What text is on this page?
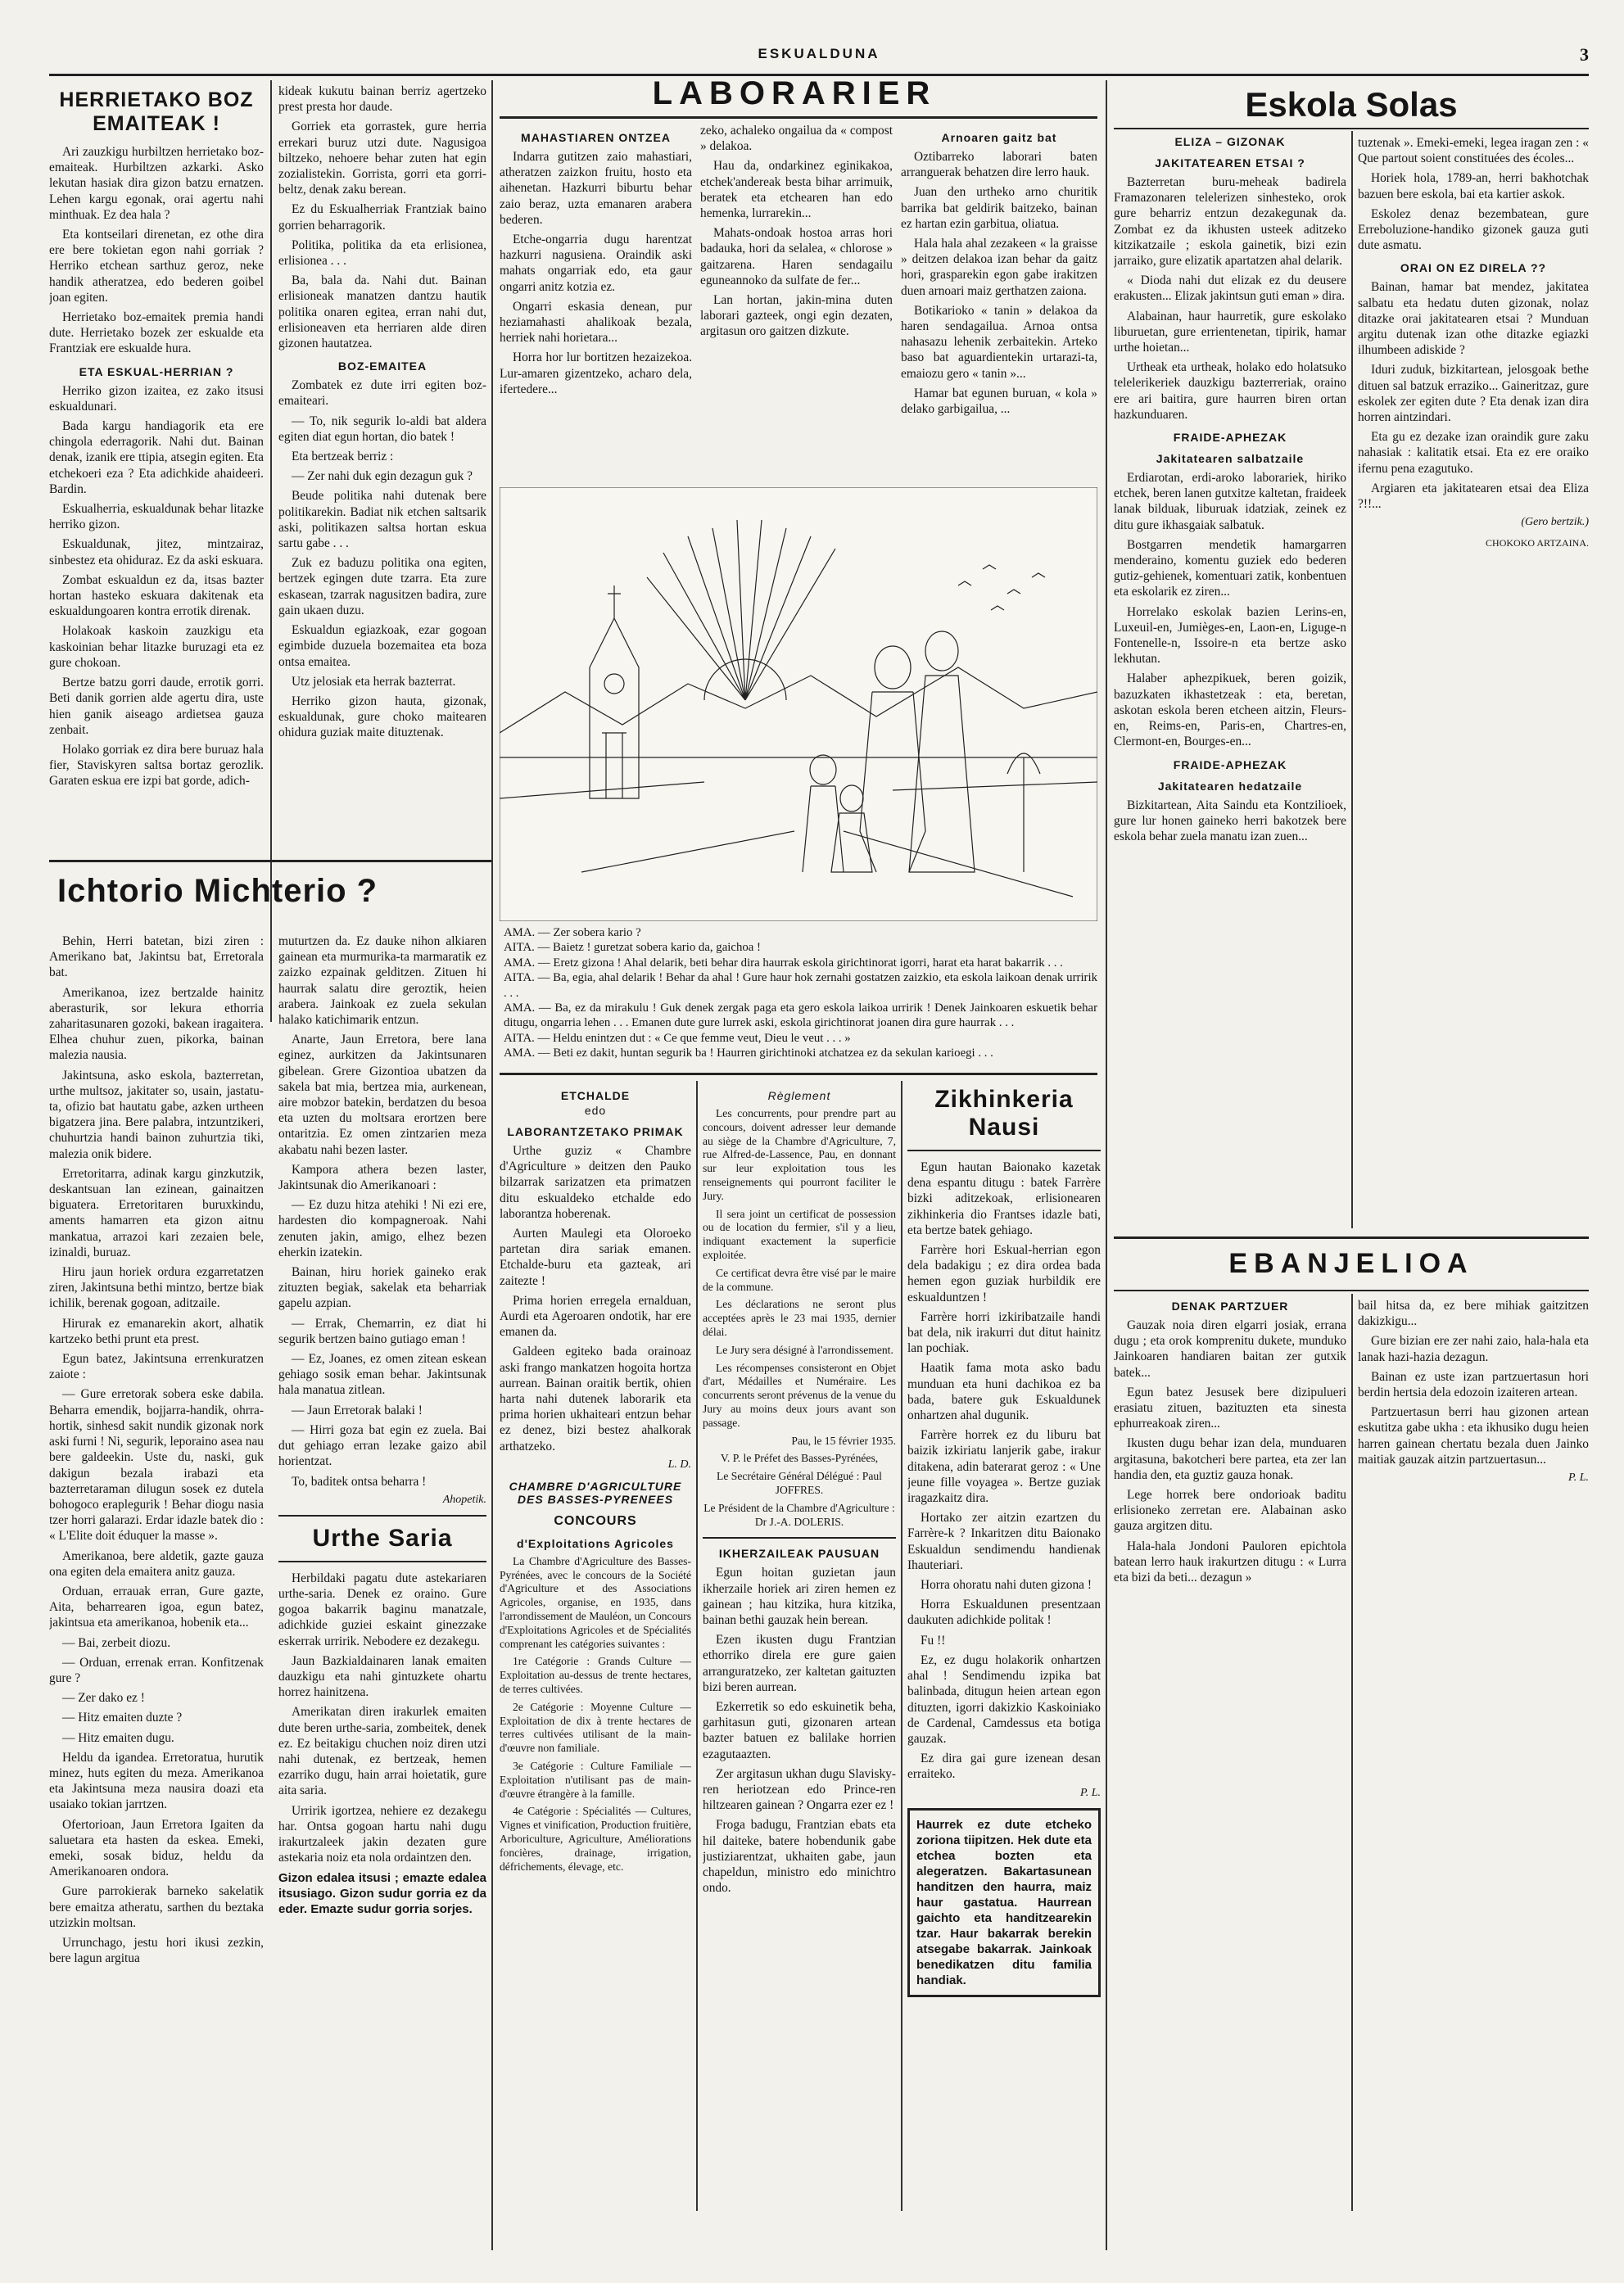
ESKUALDUNA	3
HERRIETAKO BOZ EMAITEAK !

Ari zauzkigu hurbiltzen herrietako boz-emaiteak. Hurbiltzen azkarki. Asko lekutan hasiak dira gizon batzu ernatzen. Lehen kargu egonak, orai agertu nahi minthuak. Ez dea hala ?

Eta kontseilari direnetan, ez othe dira ere bere tokietan egon nahi gorriak ? Herriko etchean sarthuz geroz, neke handik atheratzea, edo bederen goibel joan egiten.

Herrietako boz-emaitek premia handi dute. Herrietako bozek zer eskualde eta Frantziak ere eskualde hura.

ETA ESKUAL-HERRIAN ?

Herriko gizon izaitea, ez zako itsusi eskualdunari.

Bada kargu handiagorik eta ere chingola ederragorik. Nahi dut. Bainan denak, izanik ere ttipia, atsegin egiten. Eta etchekoeri eza ? Eta adichkide ahaideeri. Bardin.

Eskualherria, eskualdunak behar litazke herriko gizon.

Eskualdunak, jitez, mintzairaz, sinbestez eta ohiduraz. Ez da aski eskuara.

Zombat eskualdun ez da, itsas bazter hortan hasteko eskuara dakitenak eta eskualdungoaren kontra errotik direnak.

Holakoak kaskoin zauzkigu eta kaskoinian behar litazke buruzagi eta ez gure chokoan.

Bertze batzu gorri daude, errotik gorri. Beti danik gorrien alde agertu dira, uste hien ganik aiseago ardietsea gauza zenbait.

Holako gorriak ez dira bere buruaz hala fier, Staviskyren saltsa bortaz gerozlik. Garaten eskua ere izpi bat gorde, adich-

kideak kukutu bainan berriz agertzeko prest presta hor daude.

Gorriek eta gorrastek, gure herria errekari buruz utzi dute. Nagusigoa biltzeko, nehoere behar zuten hat egin zozialistekin. Gorrista, gorri eta gorri-beltz, denak zaku berean.

Ez du Eskualherriak Frantziak baino gorrien beharragorik.

Politika, politika da eta erlisionea, erlisionea . . .

Ba, bala da. Nahi dut. Bainan erlisioneak manatzen dantzu hautik politika onaren egitea, erran nahi dut, erlisioneaven eta herriaren alde diren gizonen hautatzea.

BOZ-EMAITEA

Zombatek ez dute irri egiten boz-emaiteari.

— To, nik segurik lo-aldi bat aldera egiten diat egun hortan, dio batek !

Eta bertzeak berriz :

— Zer nahi duk egin dezagun guk ?

Beude politika nahi dutenak bere politikarekin. Badiat nik etchen saltsarik aski, politikazen saltsa hortan eskua sartu gabe . . .

Zuk ez baduzu politika ona egiten, bertzek egingen dute tzarra. Eta zure eskasean, tzarrak nagusitzen badira, zure gain ukaen duzu.

Eskualdun egiazkoak, ezar gogoan egimbide duzuela bozemaitea eta boza ontsa emaitea.

Utz jelosiak eta herrak bazterrat.

Herriko gizon hauta, gizonak, eskualdunak, gure choko maitearen ohidura guziak maite dituztenak.

Ichtorio Michterio ?

Behin, Herri batetan, bizi ziren : Amerikano bat, Jakintsu bat, Erretorala bat.

Amerikanoa, izez bertzalde hainitz aberasturik, sor lekura ethorria zaharitasunaren gozoki, bakean iragaitera. Elhea chuhur zuen, pikorka, bainan malezia nausia.

Jakintsuna, asko eskola, bazterretan, urthe multsoz, jakitater so, usain, jastatu-ta, ofizio bat hautatu gabe, azken urtheen bigatzera jina. Bere palabra, intzuntzikeri, chuhurtzia handi bainon zuhurtzia tiki, malezia onik bidere.

Erretoritarra, adinak kargu ginzkutzik, deskantsuan lan ezinean, gainaitzen biguatera. Erretoritaren buruxkindu, aments hamarren eta gizon aitnu mankatua, arrazoi kari zezaien bele, izinaldi, buruaz.

Hiru jaun horiek ordura ezgarretatzen ziren, Jakintsuna bethi mintzo, bertze biak ichilik, berenak gogoan, aditzaile.

Hirurak ez emanarekin akort, alhatik kartzeko bethi prunt eta prest.

Egun batez, Jakintsuna errenkuratzen zaiote :

— Gure erretorak sobera eske dabila. Beharra emendik, bojjarra-handik, ohrra-hortik, sinhesd sakit nundik gizonak nork aski furni ! Ni, segurik, leporaino asea nau bere galdeekin. Uste du, naski, guk dakigun bezala irabazi eta bazterretaraman dilugun sosek ez dutela bohogoco eraplegurik ! Behar diogu nasia tzer horri galarazi. Erdar idazle batek dio : « L'Elite doit éduquer la masse ».

Amerikanoa, bere aldetik, gazte gauza ona egiten dela emaitera anitz gauza.

Orduan, errauak erran, Gure gazte, Aita, beharrearen igoa, egun batez, jakintsua eta amerikanoa, hobenik eta...

— Bai, zerbeit diozu.

— Orduan, errenak erran. Konfitzenak gure ?

— Zer dako ez !

— Hitz emaiten duzte ?

— Hitz emaiten dugu.

Heldu da igandea. Erretoratua, hurutik minez, huts egiten du meza. Amerikanoa eta Jakintsuna meza nausira doazi eta usaiako tokian jarrtzen.

Ofertorioan, Jaun Erretora Igaiten da saluetara eta hasten da eskea. Emeki, emeki, sosak biduz, heldu da Amerikanoaren ondora.

Gure parrokierak barneko sakelatik bere emaitza atheratu, sarthen du beztaka utzizkin moltsan.

Urrunchago, jestu hori ikusi zezkin, bere lagun argitua

muturtzen da. Ez dauke nihon alkiaren gainean eta murmurika-ta marmaratik ez zaizko ezpainak gelditzen. Zituen hi haurrak salatu dire geroztik, heien arabera. Jainkoak ez zuela sekulan halako katichimarik entzun.

Anarte, Jaun Erretora, bere lana eginez, aurkitzen da Jakintsunaren gibelean. Grere Gizontioa ubatzen da sakela bat mia, bertzea mia, aurkenean, aire mobzor batekin, berdatzen du besoa eta uzten du moltsara erortzen bere ontaritzia. Ez omen zintzarien meza akabatu nahi bezen laster.

Kampora athera bezen laster, Jakintsunak dio Amerikanoari :

— Ez duzu hitza atehiki ! Ni ezi ere, hardesten dio kompagneroak. Nahi zenuten jakin, amigo, elhez bezen eherkin izatekin.

Bainan, hiru horiek gaineko erak zituzten begiak, sakelak eta beharriak gapelu azpian.

— Errak, Chemarrin, ez diat hi segurik bertzen baino gutiago eman !

— Ez, Joanes, ez omen zitean eskean gehiago sosik eman behar. Jakintsunak hala manatua zitlean.

— Jaun Erretorak balaki !

— Hirri goza bat egin ez zuela. Bai dut gehiago erran lezake gaizo abil horientzat.

To, baditek ontsa beharra !

Ahopetik.
Urthe Saria

Herbildaki pagatu dute astekariaren urthe-saria. Denek ez oraino. Gure gogoa bakarrik baginu manatzale, adichkide guziei eskaint ginezzake eskerrak urririk. Nebodere ez dezakegu.

Jaun Bazkialdainaren lanak emaiten dauzkigu eta nahi gintuzkete ohartu horrez hainitzena.

Amerikatan diren irakurlek emaiten dute beren urthe-saria, zombeitek, denek ez. Ez beitakigu chuchen noiz diren utzi nahi dutenak, ez bertzeak, hemen ezarriko dugu, hain arrai hoietatik, gure aita saria.

Urririk igortzea, nehiere ez dezakegu har. Ontsa gogoan hartu nahi dugu irakurtzaleek jakin dezaten gure astekaria noiz eta nola ordaintzen den.

Gizon edalea itsusi ; emazte edalea itsusiago. Gizon sudur gorria ez da eder. Emazte sudur gorria sorjes.
LABORARIER
MAHASTIAREN ONTZEA

Indarra gutitzen zaio mahastiari, atheratzen zaizkon fruitu, hosto eta aihenetan. Hazkurri biburtu behar zaio beraz, uzta emanaren arabera bederen.

Etche-ongarria dugu harentzat hazkurri nagusiena. Oraindik aski mahats ongarriak edo, eta gaur ongarri anitz kotzia ez.

Ongarri eskasia denean, pur heziamahasti ahalikoak bezala, herriek nahi horietara...

Horra hor lur bortitzen hezaizekoa. Lur-amaren gizentzeko, acharo dela, ifertedere...

zeko, achaleko ongailua da « compost » delakoa.

Hau da, ondarkinez eginikakoa, etchek'andereak besta bihar arrimuik, beratek eta etchearen han edo hemenka, lurrarekin...

Mahats-ondoak hostoa arras hori badauka, hori da selalea, « chlorose » gaitzarena. Haren sendagailu eguneannoko da sulfate de fer...

Lan hortan, jakin-mina duten laborari gazteek, ongi egin dezaten, argitasun oro gaitzen dizkute.

Arnoaren gaitz bat

Oztibarreko laborari baten arranguerak behatzen dire lerro hauk.

Juan den urtheko arno churitik barrika bat geldirik baitzeko, bainan ez hartan ezin garbitua, oliatua.

Hala hala ahal zezakeen « la graisse » deitzen delakoa izan behar da gaitz hori, grasparekin egon gabe irakitzen duen arnoari maiz gerthatzen zaiona.

Botikarioko « tanin » delakoa da haren sendagailua. Arnoa ontsa nahasazu lehenik zerbaitekin. Arteko baso bat aguardientekin urtarazi-ta, emaiozu gero « tanin »...

Hamar bat egunen buruan, « kola » delako garbigailua, ...

AMA. — Zer sobera kario ?

AITA. — Baietz ! guretzat sobera kario da, gaichoa !

AMA. — Eretz gizona ! Ahal delarik, beti behar dira haurrak eskola girichtinorat igorri, harat eta harat bakarrik . . .

AITA. — Ba, egia, ahal delarik ! Behar da ahal ! Gure haur hok zernahi gostatzen zaizkio, eta eskola laikoan denak urririk . . .

AMA. — Ba, ez da mirakulu ! Guk denek zergak paga eta gero eskola laikoa urririk ! Denek Jainkoaren eskuetik behar ditugu, ongarria lehen . . . Emanen dute gure lurrek aski, eskola girichtinorat joanen dira gure haurrak . . .

AITA. — Heldu enintzen dut : « Ce que femme veut, Dieu le veut . . . »

AMA. — Beti ez dakit, huntan segurik ba ! Haurren girichtinoki atchatzea ez da sekulan karioegi . . .

ETCHALDE
edo
LABORANTZETAKO PRIMAK

Urthe guziz « Chambre d'Agriculture » deitzen den Pauko bilzarrak sarizatzen eta primatzen ditu eskualdeko etchalde edo laborantza hoberenak.

Aurten Maulegi eta Oloroeko partetan dira sariak emanen. Etchalde-buru eta gazteak, ari zaitezte !

Prima horien erregela ernalduan, Aurdi eta Ageroaren ondotik, har ere emanen da.

Galdeen egiteko bada orainoaz aski frango mankatzen hogoita hortza aurrean. Bainan oraitik bertik, ohien harta nahi dutenek laborarik eta prima horien ukhaiteari entzun behar ez denez, bizi bestez ahalkorak arthatzeko.

L. D.
CHAMBRE D'AGRICULTURE DES BASSES-PYRENEES
CONCOURS
d'Exploitations Agricoles

La Chambre d'Agriculture des Basses-Pyrénées, avec le concours de la Société d'Agriculture et des Associations Agricoles, organise, en 1935, dans l'arrondissement de Mauléon, un Concours d'Exploitations Agricoles et de Spécialités comprenant les catégories suivantes :

1re Catégorie : Grands Culture — Exploitation au-dessus de trente hectares, de terres cultivées.

2e Catégorie : Moyenne Culture — Exploitation de dix à trente hectares de terres cultivées utilisant de la main-d'œuvre non familiale.

3e Catégorie : Culture Familiale — Exploitation n'utilisant pas de main-d'œuvre étrangère à la famille.

4e Catégorie : Spécialités — Cultures, Vignes et vinification, Production fruitière, Arboriculture, Agriculture, Améliorations foncières, drainage, irrigation, défrichements, élevage, etc.

Règlement

Les concurrents, pour prendre part au concours, doivent adresser leur demande au siège de la Chambre d'Agriculture, 7, rue Alfred-de-Lassence, Pau, en donnant sur leur exploitation tous les renseignements qui pourront faciliter le Jury.

Il sera joint un certificat de possession ou de location du fermier, s'il y a lieu, indiquant exactement la superficie exploitée.

Ce certificat devra être visé par le maire de la commune.

Les déclarations ne seront plus acceptées après le 23 mai 1935, dernier délai.

Le Jury sera désigné à l'arrondissement.

Les récompenses consisteront en Objet d'art, Médailles et Numéraire. Les concurrents seront prévenus de la venue du Jury au moins deux jours avant son passage.

Pau, le 15 février 1935.

V. P. le Préfet des Basses-Pyrénées,

Le Secrétaire Général Délégué : Paul JOFFRES.

Le Président de la Chambre d'Agriculture : Dr J.-A. DOLERIS.

IKHERZAILEAK PAUSUAN

Egun hoitan guzietan jaun ikherzaile horiek ari ziren hemen ez gainean ; hau kitzika, hura kitzika, bainan bethi gauzak hein berean.

Ezen ikusten dugu Frantzian ethorriko direla ere gure gaien arranguratzeko, zer kaltetan gaituzten bizi beren aurrean.

Ezkerretik so edo eskuinetik beha, garhitasun guti, gizonaren artean bazter batuen ez balilake horrien ezagutaazten.

Zer argitasun ukhan dugu Slavisky-ren heriotzean edo Prince-ren hiltzearen gainean ? Ongarra ezer ez !

Froga badugu, Frantzian ebats eta hil daiteke, batere hobendunik gabe justiziarentzat, ukhaiten gabe, jaun chapeldun, ministro edo minichtro ondo.

Zikhinkeria Nausi

Egun hautan Baionako kazetak dena espantu ditugu : batek Farrère bizki aditzekoak, erlisionearen zikhinkeria dio Frantses idazle bati, eta bertze batek gehiago.

Farrère hori Eskual-herrian egon dela badakigu ; ez dira ordea bada hemen egon guziak hurbildik ere eskualduntzen !

Farrère horri izkiribatzaile handi bat dela, nik irakurri dut ditut hainitz lan pochiak.

Haatik fama mota asko badu munduan eta huni dachikoa ez ba bada, batere guk Eskualdunek onhartzen ahal dugunik.

Farrère horrek ez du liburu bat baizik izkiriatu lanjerik gabe, irakur ditakena, adin baterarat geroz : « Une jeune fille voyagea ». Bertze guziak iragazkaitz dira.

Hortako zer aitzin ezartzen du Farrère-k ? Inkaritzen ditu Baionako Eskualdun sendimendu handienak Ihauteriari.

Horra ohoratu nahi duten gizona !

Horra Eskualdunen presentzaan daukuten adichkide politak !

Fu !!

Ez, ez dugu holakorik onhartzen ahal ! Sendimendu izpika bat balinbada, ditugun heien artean egon dituzten, igorri dakizkio Kaskoiniako de Cardenal, Camdessus eta botiga gauzak.

Ez dira gai gure izenean desan erraiteko.

P. L.
Haurrek ez dute etcheko zoriona tiipitzen. Hek dute eta etchea bozten eta alegeratzen. Bakartasunean handitzen den haurra, maiz haur gastatua. Haurrean gaichto eta handitzearekin tzar. Haur bakarrak berekin atsegabe bakarrak. Jainkoak benedikatzen ditu familia handiak.
Eskola Solas
ELIZA – GIZONAK
JAKITATEAREN ETSAI ?

Bazterretan buru-meheak badirela Framazonaren telelerizen sinhesteko, orok gure beharriz entzun dezakegunak da. Zombat ez da ikhusten usteek aditzeko kitzikatzaile ; eskola gainetik, bizi ezin jarraiko, gure elizatik apartatzen ahal delarik.

« Dioda nahi dut elizak ez du deusere erakusten... Elizak jakintsun guti eman » dira.

Alabainan, haur haurretik, gure eskolako liburuetan, gure errientenetan, tipirik, hamar urthe hoietan...

Urtheak eta urtheak, holako edo holatsuko telelerikeriek dauzkigu bazterreriak, oraino ere ari baitira, gure haurren biren ortan hazkunduaren.

FRAIDE-APHEZAK
Jakitatearen salbatzaile

Erdiarotan, erdi-aroko laborariek, hiriko etchek, beren lanen gutxitze kaltetan, fraideek lanak bilduak, liburuak idatziak, zeinek ez ditu gure ikhasgaiak salbatuk.

Bostgarren mendetik hamargarren menderaino, komentu guziek edo bederen gutiz-gehienek, komentuari zatik, konbentuen eta eskolarik ez ziren...

Horrelako eskolak bazien Lerins-en, Luxeuil-en, Jumièges-en, Laon-en, Liguge-n Fontenelle-n, Issoire-n eta bertze asko lekhutan.

Halaber aphezpikuek, beren goizik, bazuzkaten ikhastetzeak : eta, beretan, askotan eskola beren etcheen aitzin, Fleurs-en, Reims-en, Paris-en, Chartres-en, Clermont-en, Bourges-en...

FRAIDE-APHEZAK
Jakitatearen hedatzaile

Bizkitartean, Aita Saindu eta Kontzilioek, gure lur honen gaineko herri bakotzek bere eskola behar zuela manatu izan zuen...

tuztenak ». Emeki-emeki, legea iragan zen : « Que partout soient constituées des écoles...

Horiek hola, 1789-an, herri bakhotchak bazuen bere eskola, bai eta kartier askok.

Eskolez denaz bezembatean, gure Erreboluzione-handiko gizonek gauza guti dute asmatu.

ORAI ON EZ DIRELA ??

Bainan, hamar bat mendez, jakitatea salbatu eta hedatu duten gizonak, nolaz ditazke orai jakitatearen etsai ? Munduan argitu dutenak izan othe ditazke egiazki ilhumbeen adiskide ?

Iduri zuduk, bizkitartean, jelosgoak bethe dituen sal batzuk erraziko... Gaineritzaz, gure eskolek zer egiten dute ? Eta denak izan dira horren aintzindari.

Eta gu ez dezake izan oraindik gure zaku nahasiak : kalitatik etsai. Eta ez ere oraiko ifernu pena ezagutuko.

Argiaren eta jakitatearen etsai dea Eliza ?!!...

(Gero bertzik.)
CHOKOKO ARTZAINA.
EBANJELIOA
DENAK PARTZUER

Gauzak noia diren elgarri josiak, errana dugu ; eta orok komprenitu dukete, munduko Jainkoaren handiaren baitan zer gutxik batek...

Egun batez Jesusek bere dizipulueri erasiatu zituen, bazituzten eta sinesta ephurreakoak ziren...

Ikusten dugu behar izan dela, munduaren argitasuna, bakotcheri bere partea, eta zer lan handia den, eta guztiz gauza honak.

Lege horrek bere ondorioak baditu erlisioneko zerretan ere. Alabainan asko gauza argitzen ditu.

Hala-hala Jondoni Pauloren epichtola batean lerro hauk irakurtzen ditugu : « Lurra eta bizi da beti... dezagun »

bail hitsa da, ez bere mihiak gaitzitzen dakizkigu...

Gure bizian ere zer nahi zaio, hala-hala eta lanak hazi-hazia dezagun.

Bainan ez uste izan partzuertasun hori berdin hertsia dela edozoin izaiteren artean.

Partzuertasun berri hau gizonen artean eskutitza gabe ukha : eta ikhusiko dugu heien harren gainean chertatu bezala duen Jainko maitiak gauzak aitzin partzuertasun...

P. L.
